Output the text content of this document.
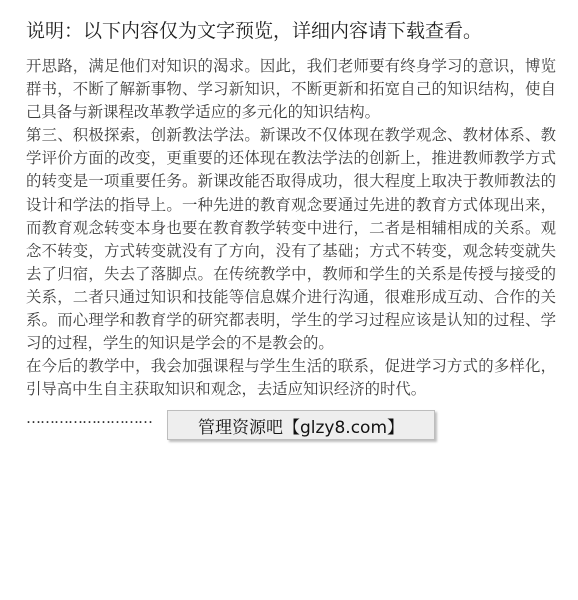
说明：以下内容仅为文字预览，详细内容请下载查看。

开思路，满足他们对知识的渴求。因此，我们老师要有终身学习的意识，博览群书，不断了解新事物、学习新知识，不断更新和拓宽自己的知识结构，使自己具备与新课程改革教学适应的多元化的知识结构。

第三、积极探索，创新教法学法。新课改不仅体现在教学观念、教材体系、教学评价方面的改变，更重要的还体现在教法学法的创新上，推进教师教学方式的转变是一项重要任务。新课改能否取得成功，很大程度上取决于教师教法的设计和学法的指导上。一种先进的教育观念要通过先进的教育方式体现出来，而教育观念转变本身也要在教育教学转变中进行，二者是相辅相成的关系。观念不转变，方式转变就没有了方向，没有了基础；方式不转变，观念转变就失去了归宿，失去了落脚点。在传统教学中，教师和学生的关系是传授与接受的关系，二者只通过知识和技能等信息媒介进行沟通，很难形成互动、合作的关系。而心理学和教育学的研究都表明，学生的学习过程应该是认知的过程、学习的过程，学生的知识是学会的不是教会的。

在今后的教学中，我会加强课程与学生生活的联系，促进学习方式的多样化，引导高中生自主获取知识和观念，去适应知识经济的时代。

………………………	管理资源吧【glzy8.com】
